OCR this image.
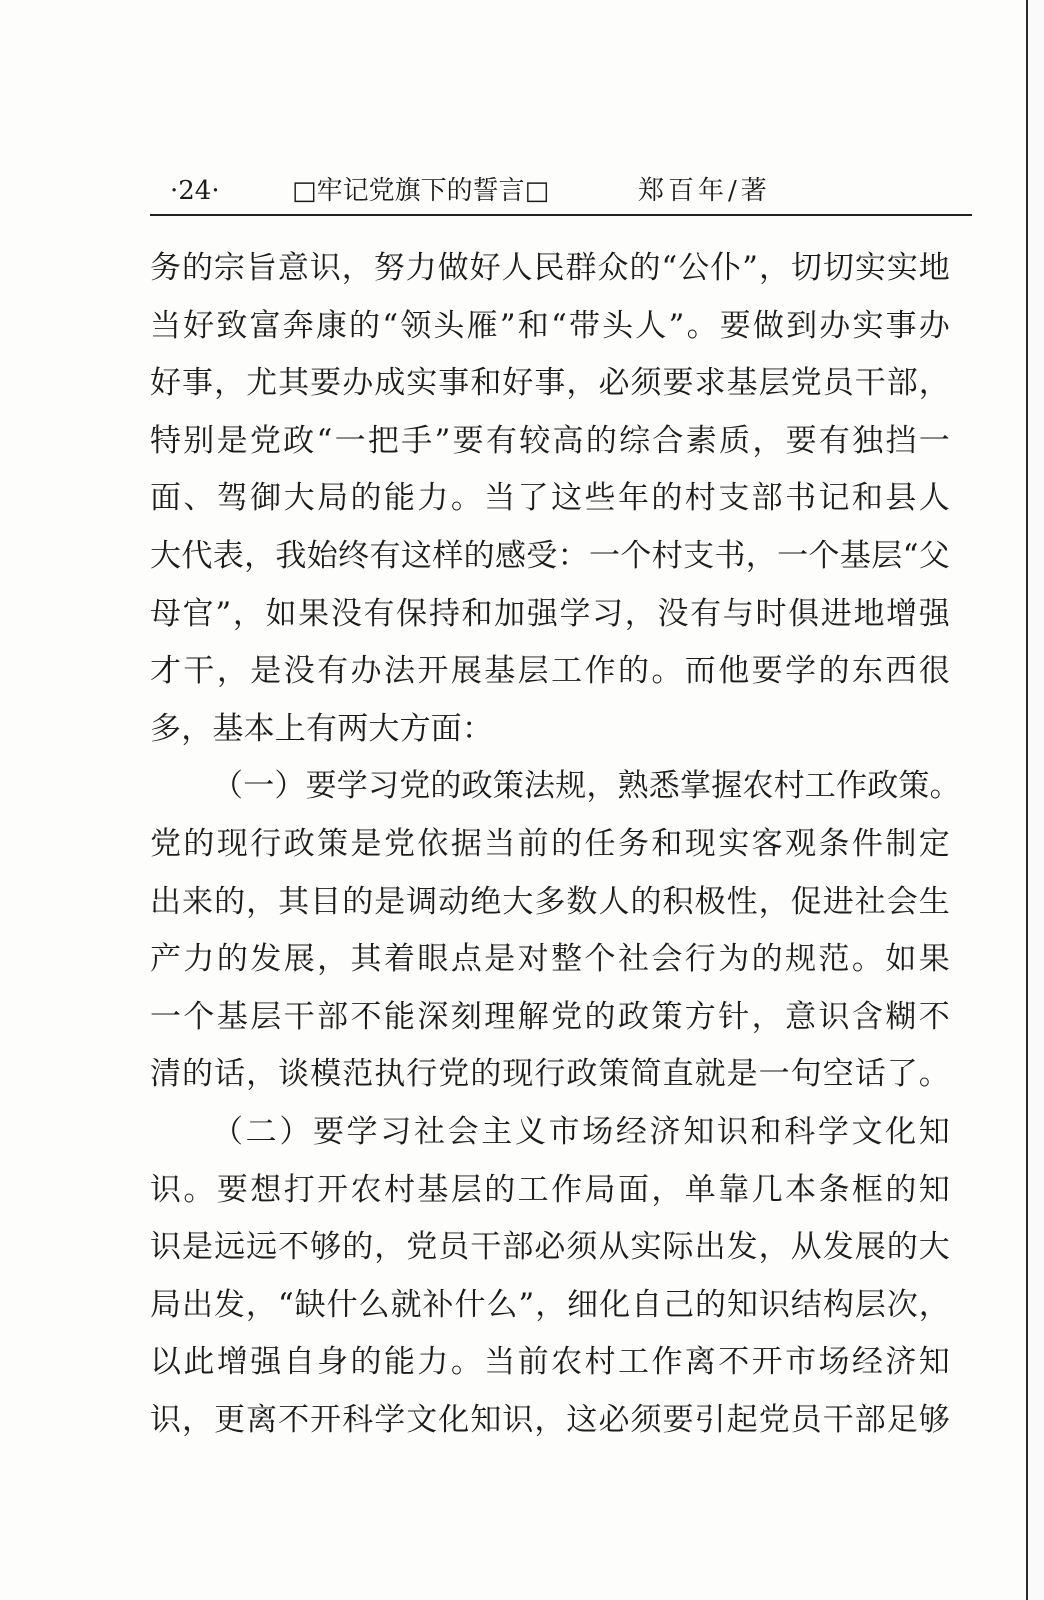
·24·	□牢记党旗下的誓言□	郑百年/著
务的宗旨意识，努力做好人民群众的“公仆”，切切实实地
当好致富奔康的“领头雁”和“带头人”。要做到办实事办
好事，尤其要办成实事和好事，必须要求基层党员干部，
特别是党政“一把手”要有较高的综合素质，要有独挡一
面、驾御大局的能力。当了这些年的村支部书记和县人
大代表，我始终有这样的感受：一个村支书，一个基层“父
母官”，如果没有保持和加强学习，没有与时俱进地增强
才干，是没有办法开展基层工作的。而他要学的东西很
多，基本上有两大方面：
（一）要学习党的政策法规，熟悉掌握农村工作政策。
党的现行政策是党依据当前的任务和现实客观条件制定
出来的，其目的是调动绝大多数人的积极性，促进社会生
产力的发展，其着眼点是对整个社会行为的规范。如果
一个基层干部不能深刻理解党的政策方针，意识含糊不
清的话，谈模范执行党的现行政策简直就是一句空话了。
（二）要学习社会主义市场经济知识和科学文化知
识。要想打开农村基层的工作局面，单靠几本条框的知
识是远远不够的，党员干部必须从实际出发，从发展的大
局出发，“缺什么就补什么”，细化自己的知识结构层次，
以此增强自身的能力。当前农村工作离不开市场经济知
识，更离不开科学文化知识，这必须要引起党员干部足够
